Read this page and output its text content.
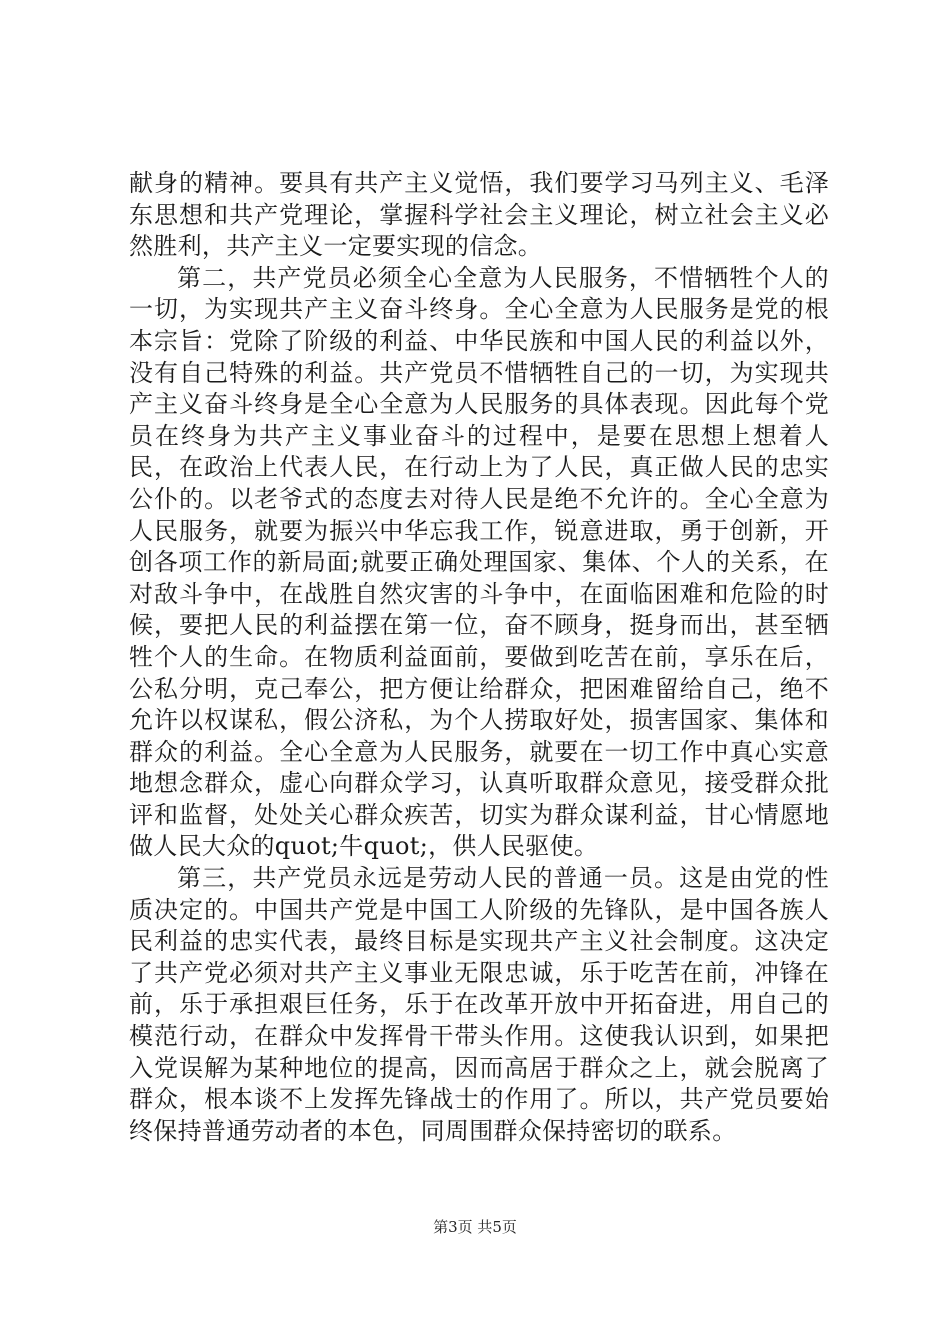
献身的精神。要具有共产主义觉悟，我们要学习马列主义、毛泽东思想和共产党理论，掌握科学社会主义理论，树立社会主义必然胜利，共产主义一定要实现的信念。

第二，共产党员必须全心全意为人民服务，不惜牺牲个人的一切，为实现共产主义奋斗终身。全心全意为人民服务是党的根本宗旨：党除了阶级的利益、中华民族和中国人民的利益以外，没有自己特殊的利益。共产党员不惜牺牲自己的一切，为实现共产主义奋斗终身是全心全意为人民服务的具体表现。因此每个党员在终身为共产主义事业奋斗的过程中，是要在思想上想着人民，在政治上代表人民，在行动上为了人民，真正做人民的忠实公仆的。以老爷式的态度去对待人民是绝不允许的。全心全意为人民服务，就要为振兴中华忘我工作，锐意进取，勇于创新，开创各项工作的新局面;就要正确处理国家、集体、个人的关系，在对敌斗争中，在战胜自然灾害的斗争中，在面临困难和危险的时候，要把人民的利益摆在第一位，奋不顾身，挺身而出，甚至牺牲个人的生命。在物质利益面前，要做到吃苦在前，享乐在后，公私分明，克己奉公，把方便让给群众，把困难留给自己，绝不允许以权谋私，假公济私，为个人捞取好处，损害国家、集体和群众的利益。全心全意为人民服务，就要在一切工作中真心实意地想念群众，虚心向群众学习，认真听取群众意见，接受群众批评和监督，处处关心群众疾苦，切实为群众谋利益，甘心情愿地做人民大众的quot;牛quot;，供人民驱使。

第三，共产党员永远是劳动人民的普通一员。这是由党的性质决定的。中国共产党是中国工人阶级的先锋队，是中国各族人民利益的忠实代表，最终目标是实现共产主义社会制度。这决定了共产党必须对共产主义事业无限忠诚，乐于吃苦在前，冲锋在前，乐于承担艰巨任务，乐于在改革开放中开拓奋进，用自己的模范行动，在群众中发挥骨干带头作用。这使我认识到，如果把入党误解为某种地位的提高，因而高居于群众之上，就会脱离了群众，根本谈不上发挥先锋战士的作用了。所以，共产党员要始终保持普通劳动者的本色，同周围群众保持密切的联系。

第3页 共5页
